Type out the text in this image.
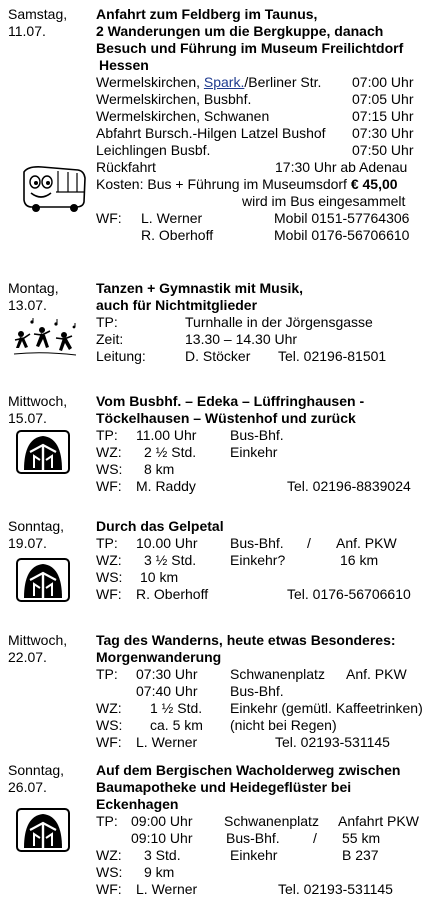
Samstag,
11.07.
Anfahrt zum Feldberg im Taunus,
2 Wanderungen um die Bergkuppe, danach
Besuch und Führung im Museum Freilichtdorf
Hessen
Wermelskirchen, Spark./Berliner Str. 07:00 Uhr
Wermelskirchen, Busbhf.	07:05 Uhr
Wermelskirchen, Schwanen	07:15 Uhr
Abfahrt Bursch.-Hilgen Latzel Bushof 07:30 Uhr
Leichlingen Busbf.	07:50 Uhr
Rückfahrt	17:30 Uhr ab Adenau
Kosten: Bus + Führung im Museumsdorf € 45,00
wird im Bus eingesammelt
WF: L. Werner	Mobil 0151-57764306
R. Oberhoff	Mobil 0176-56706610
Montag,
13.07.
Tanzen + Gymnastik mit Musik,
auch für Nichtmitglieder
TP:	Turnhalle in der Jörgensgasse
Zeit:	13.30 – 14.30 Uhr
Leitung:	D. Stöcker Tel. 02196-81501
Mittwoch,
15.07.
Vom Busbhf. – Edeka – Lüffringhausen -
Töckelhausen – Wüstenhof und zurück
TP: 11.00 Uhr Bus-Bhf.
WZ: 2 ½ Std. Einkehr
WS: 8 km
WF: M. Raddy	Tel. 02196-8839024
Sonntag,
19.07.
Durch das Gelpetal
TP: 10.00 Uhr Bus-Bhf. / Anf. PKW
WZ: 3 ½ Std. Einkehr?	16 km
WS: 10 km
WF: R. Oberhoff	Tel. 0176-56706610
Mittwoch,
22.07.
Tag des Wanderns, heute etwas Besonderes:
Morgenwanderung
TP: 07:30 Uhr Schwanenplatz Anf. PKW
07:40 Uhr Bus-Bhf.
WZ: 1 ½ Std. Einkehr (gemütl. Kaffeetrinken)
WS: ca. 5 km (nicht bei Regen)
WF: L. Werner	Tel. 02193-531145
Sonntag,
26.07.
Auf dem Bergischen Wacholderweg zwischen
Baumapotheke und Heidegeflüster bei
Eckenhagen
TP: 09:00 Uhr Schwanenplatz Anfahrt PKW
09:10 Uhr Bus-Bhf. / 55 km
WZ: 3 Std.	Einkehr	B 237
WS: 9 km
WF: L. Werner	Tel. 02193-531145
